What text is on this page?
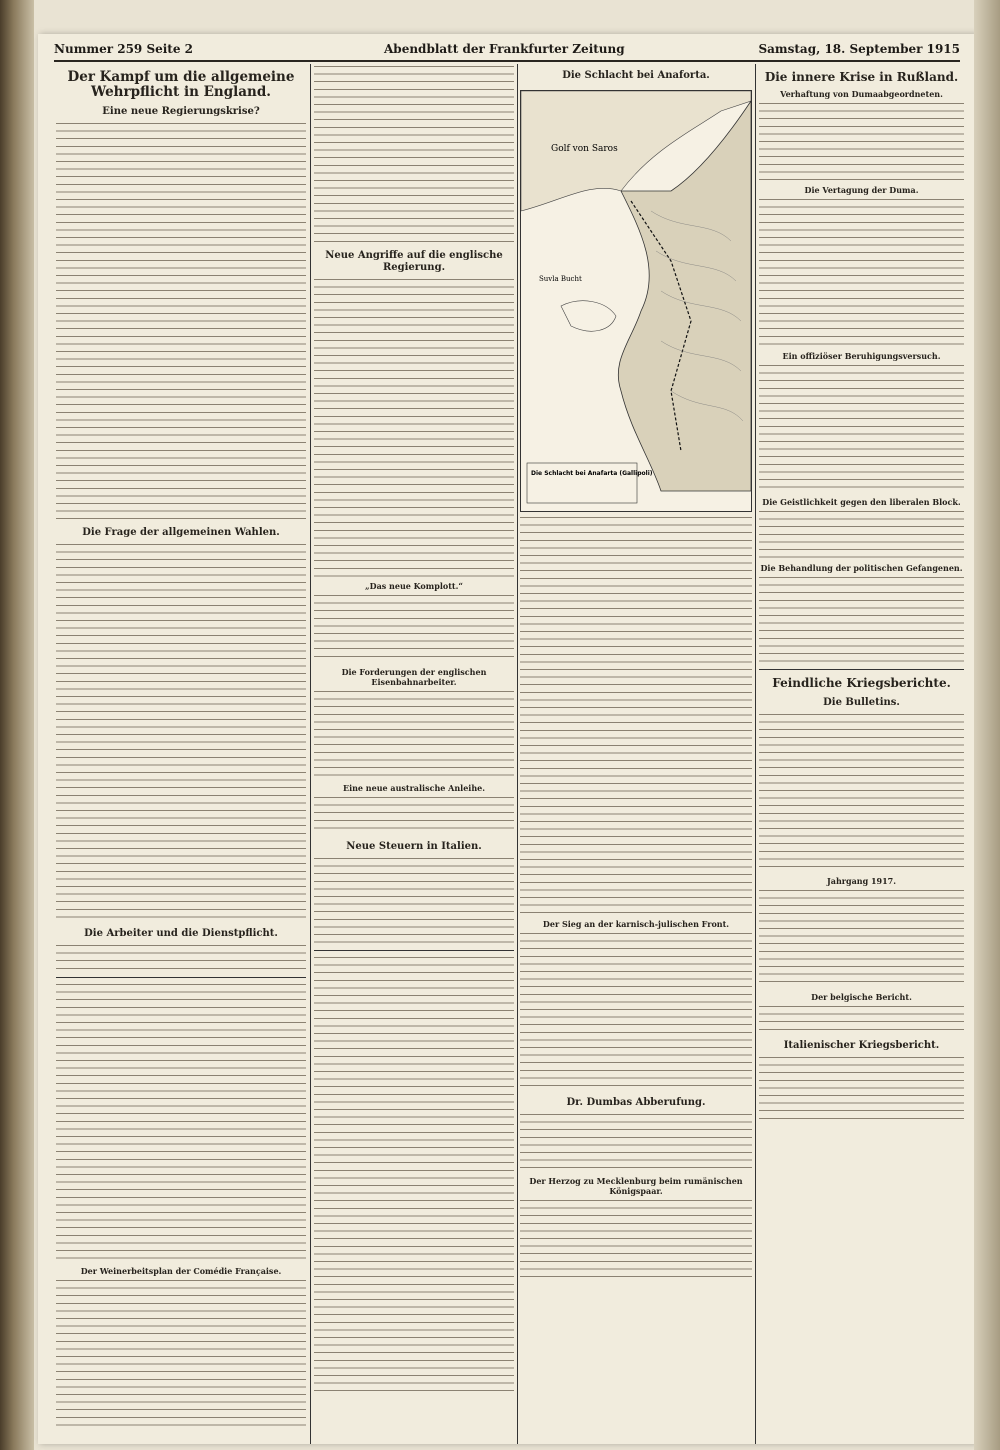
Nummer 259 Seite 2	Abendblatt der Frankfurter Zeitung	Samstag, 18. September 1915
Der Kampf um die allgemeine Wehrpflicht in England.
Eine neue Regierungskrise?
Die Frage der allgemeinen Wahlen.
Die Arbeiter und die Dienstpflicht.
Der Weinerbeitsplan der Comédie Française.
Neue Angriffe auf die englische Regierung.
„Das neue Komplott.“
Die Forderungen der englischen Eisenbahnarbeiter.
Eine neue australische Anleihe.
Neue Steuern in Italien.
Die Schlacht bei Anaforta.
Golf von Saros
Suvla Bucht
Die Schlacht bei Anafarta (Gallipoli)
Der Sieg an der karnisch-julischen Front.
Dr. Dumbas Abberufung.
Der Herzog zu Mecklenburg beim rumänischen Königspaar.
Die innere Krise in Rußland.
Verhaftung von Dumaabgeordneten.
Die Vertagung der Duma.
Ein offiziöser Beruhigungsversuch.
Die Geistlichkeit gegen den liberalen Block.
Die Behandlung der politischen Gefangenen.
Feindliche Kriegsberichte.
Die Bulletins.
Jahrgang 1917.
Der belgische Bericht.
Italienischer Kriegsbericht.
